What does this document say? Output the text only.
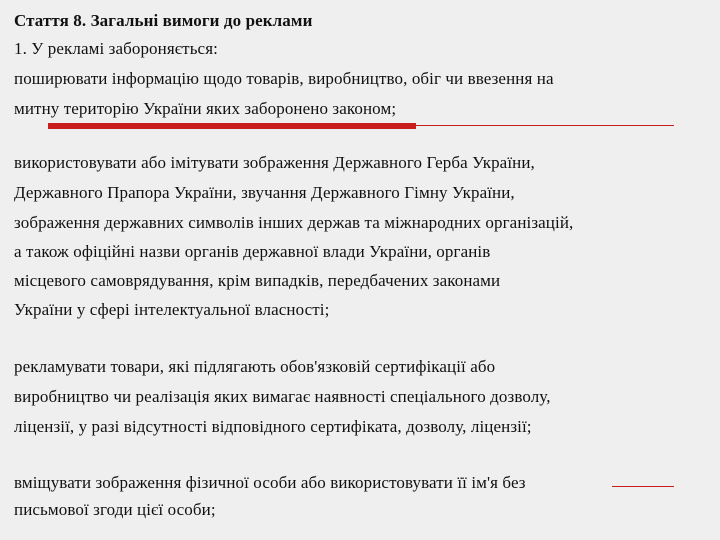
Стаття 8. Загальні вимоги до реклами

1. У рекламі забороняється:

поширювати інформацію щодо товарів, виробництво, обіг чи ввезення на

митну територію України яких заборонено законом;

використовувати або імітувати зображення Державного Герба України,

Державного Прапора України, звучання Державного Гімну України,

зображення державних символів інших держав та міжнародних організацій,

а також офіційні назви органів державної влади України, органів

місцевого самоврядування, крім випадків, передбачених законами

України у сфері інтелектуальної власності;

рекламувати товари, які підлягають обов'язковій сертифікації або

виробництво чи реалізація яких вимагає наявності спеціального дозволу,

ліцензії, у разі відсутності відповідного сертифіката, дозволу, ліцензії;

вміщувати зображення фізичної особи або використовувати її ім'я без

письмової згоди цієї особи;
